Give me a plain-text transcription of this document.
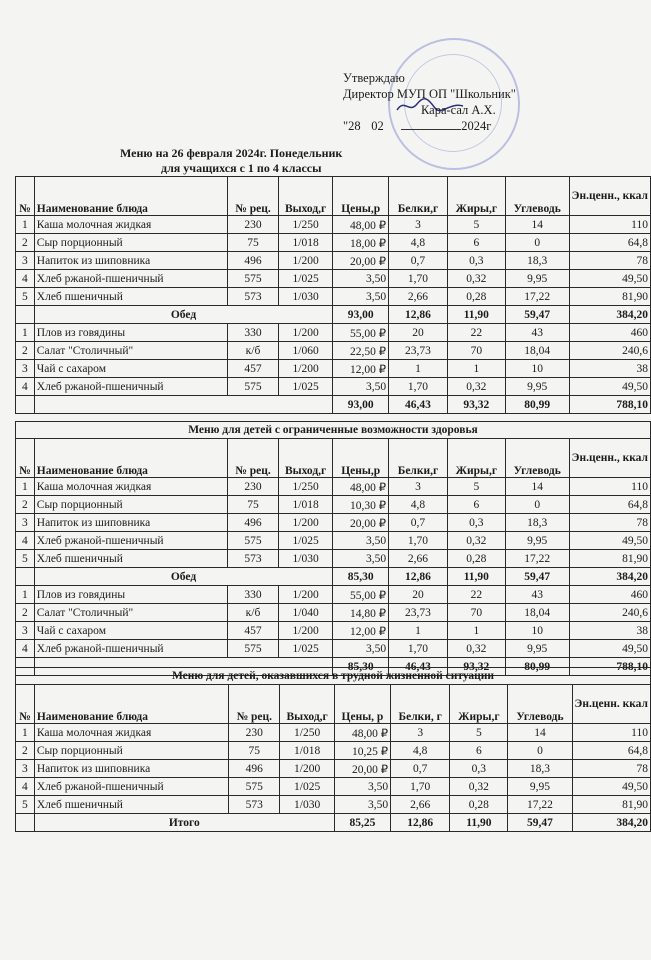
Утверждаю
Директор МУП ОП "Школьник"
Кара-сал А.Х.
"28 02	2024г
Меню на 26 февраля 2024г. Понедельник
для учащихся с 1 по 4 классы
№	Наименование блюда	№ рец.	Выход,г	Цены,р	Белки,г	Жиры,г	Углеводь	Эн.ценн., ккал
1	Каша молочная жидкая	230	1/250	48,00 ₽	3	5	14	110
2	Сыр порционный	75	1/018	18,00 ₽	4,8	6	0	64,8
3	Напиток из шиповника	496	1/200	20,00 ₽	0,7	0,3	18,3	78
4	Хлеб ржаной-пшеничный	575	1/025	3,50	1,70	0,32	9,95	49,50
5	Хлеб пшеничный	573	1/030	3,50	2,66	0,28	17,22	81,90
	Обед			93,00	12,86	11,90	59,47	384,20
1	Плов из говядины	330	1/200	55,00 ₽	20	22	43	460
2	Салат "Столичный"	к/б	1/060	22,50 ₽	23,73	70	18,04	240,6
3	Чай с сахаром	457	1/200	12,00 ₽	1	1	10	38
4	Хлеб ржаной-пшеничный	575	1/025	3,50	1,70	0,32	9,95	49,50
				93,00	46,43	93,32	80,99	788,10
Меню для детей с ограниченные возможности здоровья								
№	Наименование блюда	№ рец.	Выход,г	Цены,р	Белки,г	Жиры,г	Углеводь	Эн.ценн., ккал
1	Каша молочная жидкая	230	1/250	48,00 ₽	3	5	14	110
2	Сыр порционный	75	1/018	10,30 ₽	4,8	6	0	64,8
3	Напиток из шиповника	496	1/200	20,00 ₽	0,7	0,3	18,3	78
4	Хлеб ржаной-пшеничный	575	1/025	3,50	1,70	0,32	9,95	49,50
5	Хлеб пшеничный	573	1/030	3,50	2,66	0,28	17,22	81,90
	Обед			85,30	12,86	11,90	59,47	384,20
1	Плов из говядины	330	1/200	55,00 ₽	20	22	43	460
2	Салат "Столичный"	к/б	1/040	14,80 ₽	23,73	70	18,04	240,6
3	Чай с сахаром	457	1/200	12,00 ₽	1	1	10	38
4	Хлеб ржаной-пшеничный	575	1/025	3,50	1,70	0,32	9,95	49,50
				85,30	46,43	93,32	80,99	788,10
Меню для детей, оказавшихся в трудной жизненной ситуации								
№	Наименование блюда	№ рец.	Выход,г	Цены, р	Белки, г	Жиры,г	Углеводь	Эн.ценн. ккал
1	Каша молочная жидкая	230	1/250	48,00 ₽	3	5	14	110
2	Сыр порционный	75	1/018	10,25 ₽	4,8	6	0	64,8
3	Напиток из шиповника	496	1/200	20,00 ₽	0,7	0,3	18,3	78
4	Хлеб ржаной-пшеничный	575	1/025	3,50	1,70	0,32	9,95	49,50
5	Хлеб пшеничный	573	1/030	3,50	2,66	0,28	17,22	81,90
	Итого			85,25	12,86	11,90	59,47	384,20
